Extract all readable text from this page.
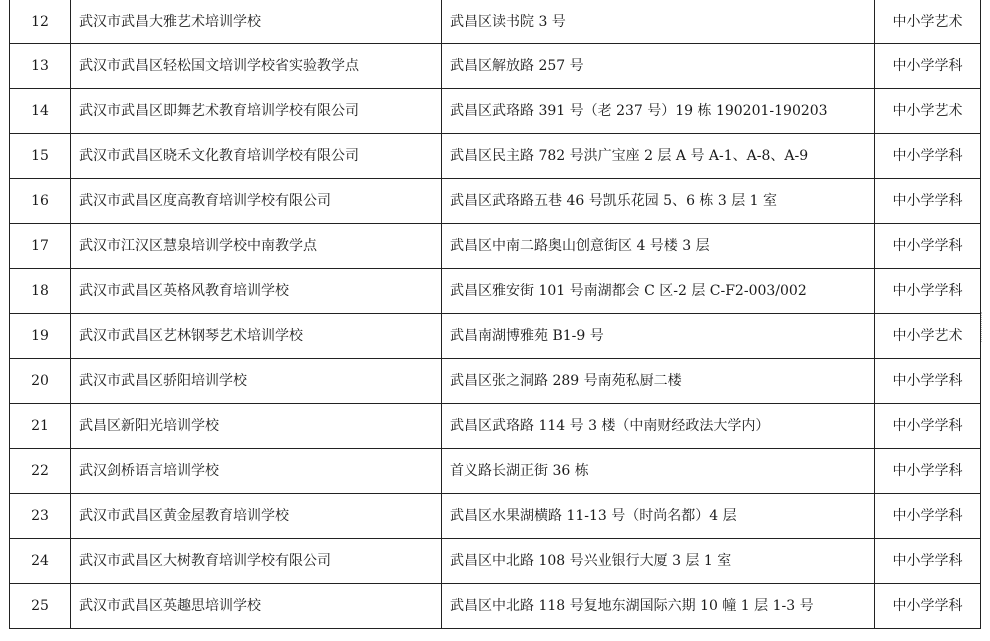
12	武汉市武昌大雅艺术培训学校	武昌区读书院 3 号	中小学艺术
13	武汉市武昌区轻松国文培训学校省实验教学点	武昌区解放路 257 号	中小学学科
14	武汉市武昌区即舞艺术教育培训学校有限公司	武昌区武珞路 391 号（老 237 号）19 栋 190201-190203	中小学艺术
15	武汉市武昌区晓禾文化教育培训学校有限公司	武昌区民主路 782 号洪广宝座 2 层 A 号 A-1、A-8、A-9	中小学学科
16	武汉市武昌区度高教育培训学校有限公司	武昌区武珞路五巷 46 号凯乐花园 5、6 栋 3 层 1 室	中小学学科
17	武汉市江汉区慧泉培训学校中南教学点	武昌区中南二路奥山创意街区 4 号楼 3 层	中小学学科
18	武汉市武昌区英格风教育培训学校	武昌区雅安街 101 号南湖都会 C 区-2 层 C-F2-003/002	中小学学科
19	武汉市武昌区艺林钢琴艺术培训学校	武昌南湖博雅苑 B1-9 号	中小学艺术
20	武汉市武昌区骄阳培训学校	武昌区张之洞路 289 号南苑私厨二楼	中小学学科
21	武昌区新阳光培训学校	武昌区武珞路 114 号 3 楼（中南财经政法大学内）	中小学学科
22	武汉剑桥语言培训学校	首义路长湖正街 36 栋	中小学学科
23	武汉市武昌区黄金屋教育培训学校	武昌区水果湖横路 11-13 号（时尚名都）4 层	中小学学科
24	武汉市武昌区大树教育培训学校有限公司	武昌区中北路 108 号兴业银行大厦 3 层 1 室	中小学学科
25	武汉市武昌区英趣思培训学校	武昌区中北路 118 号复地东湖国际六期 10 幢 1 层 1-3 号	中小学学科
